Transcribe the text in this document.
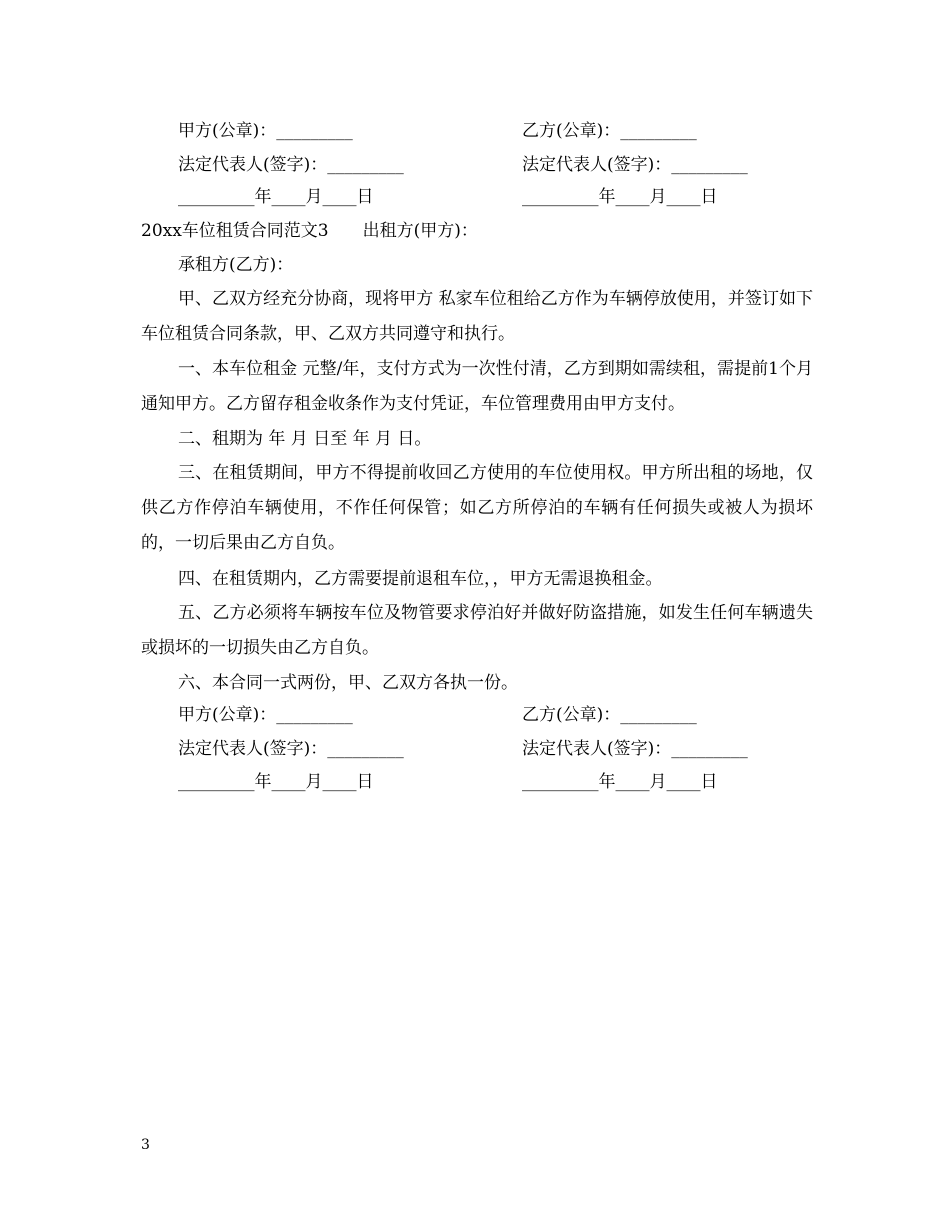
甲方(公章)：_________	乙方(公章)：_________
法定代表人(签字)：_________	法定代表人(签字)：_________
_________年____月____日	_________年____月____日
20xx车位租赁合同范文3 出租方(甲方)：
承租方(乙方)：
甲、乙双方经充分协商，现将甲方 私家车位租给乙方作为车辆停放使用，并签订如下车位租赁合同条款，甲、乙双方共同遵守和执行。
一、本车位租金 元整/年，支付方式为一次性付清，乙方到期如需续租，需提前1个月通知甲方。乙方留存租金收条作为支付凭证，车位管理费用由甲方支付。
二、租期为 年 月 日至 年 月 日。
三、在租赁期间，甲方不得提前收回乙方使用的车位使用权。甲方所出租的场地，仅供乙方作停泊车辆使用，不作任何保管；如乙方所停泊的车辆有任何损失或被人为损坏的，一切后果由乙方自负。
四、在租赁期内，乙方需要提前退租车位，，甲方无需退换租金。
五、乙方必须将车辆按车位及物管要求停泊好并做好防盗措施，如发生任何车辆遗失或损坏的一切损失由乙方自负。
六、本合同一式两份，甲、乙双方各执一份。
甲方(公章)：_________	乙方(公章)：_________
法定代表人(签字)：_________	法定代表人(签字)：_________
_________年____月____日	_________年____月____日
3
